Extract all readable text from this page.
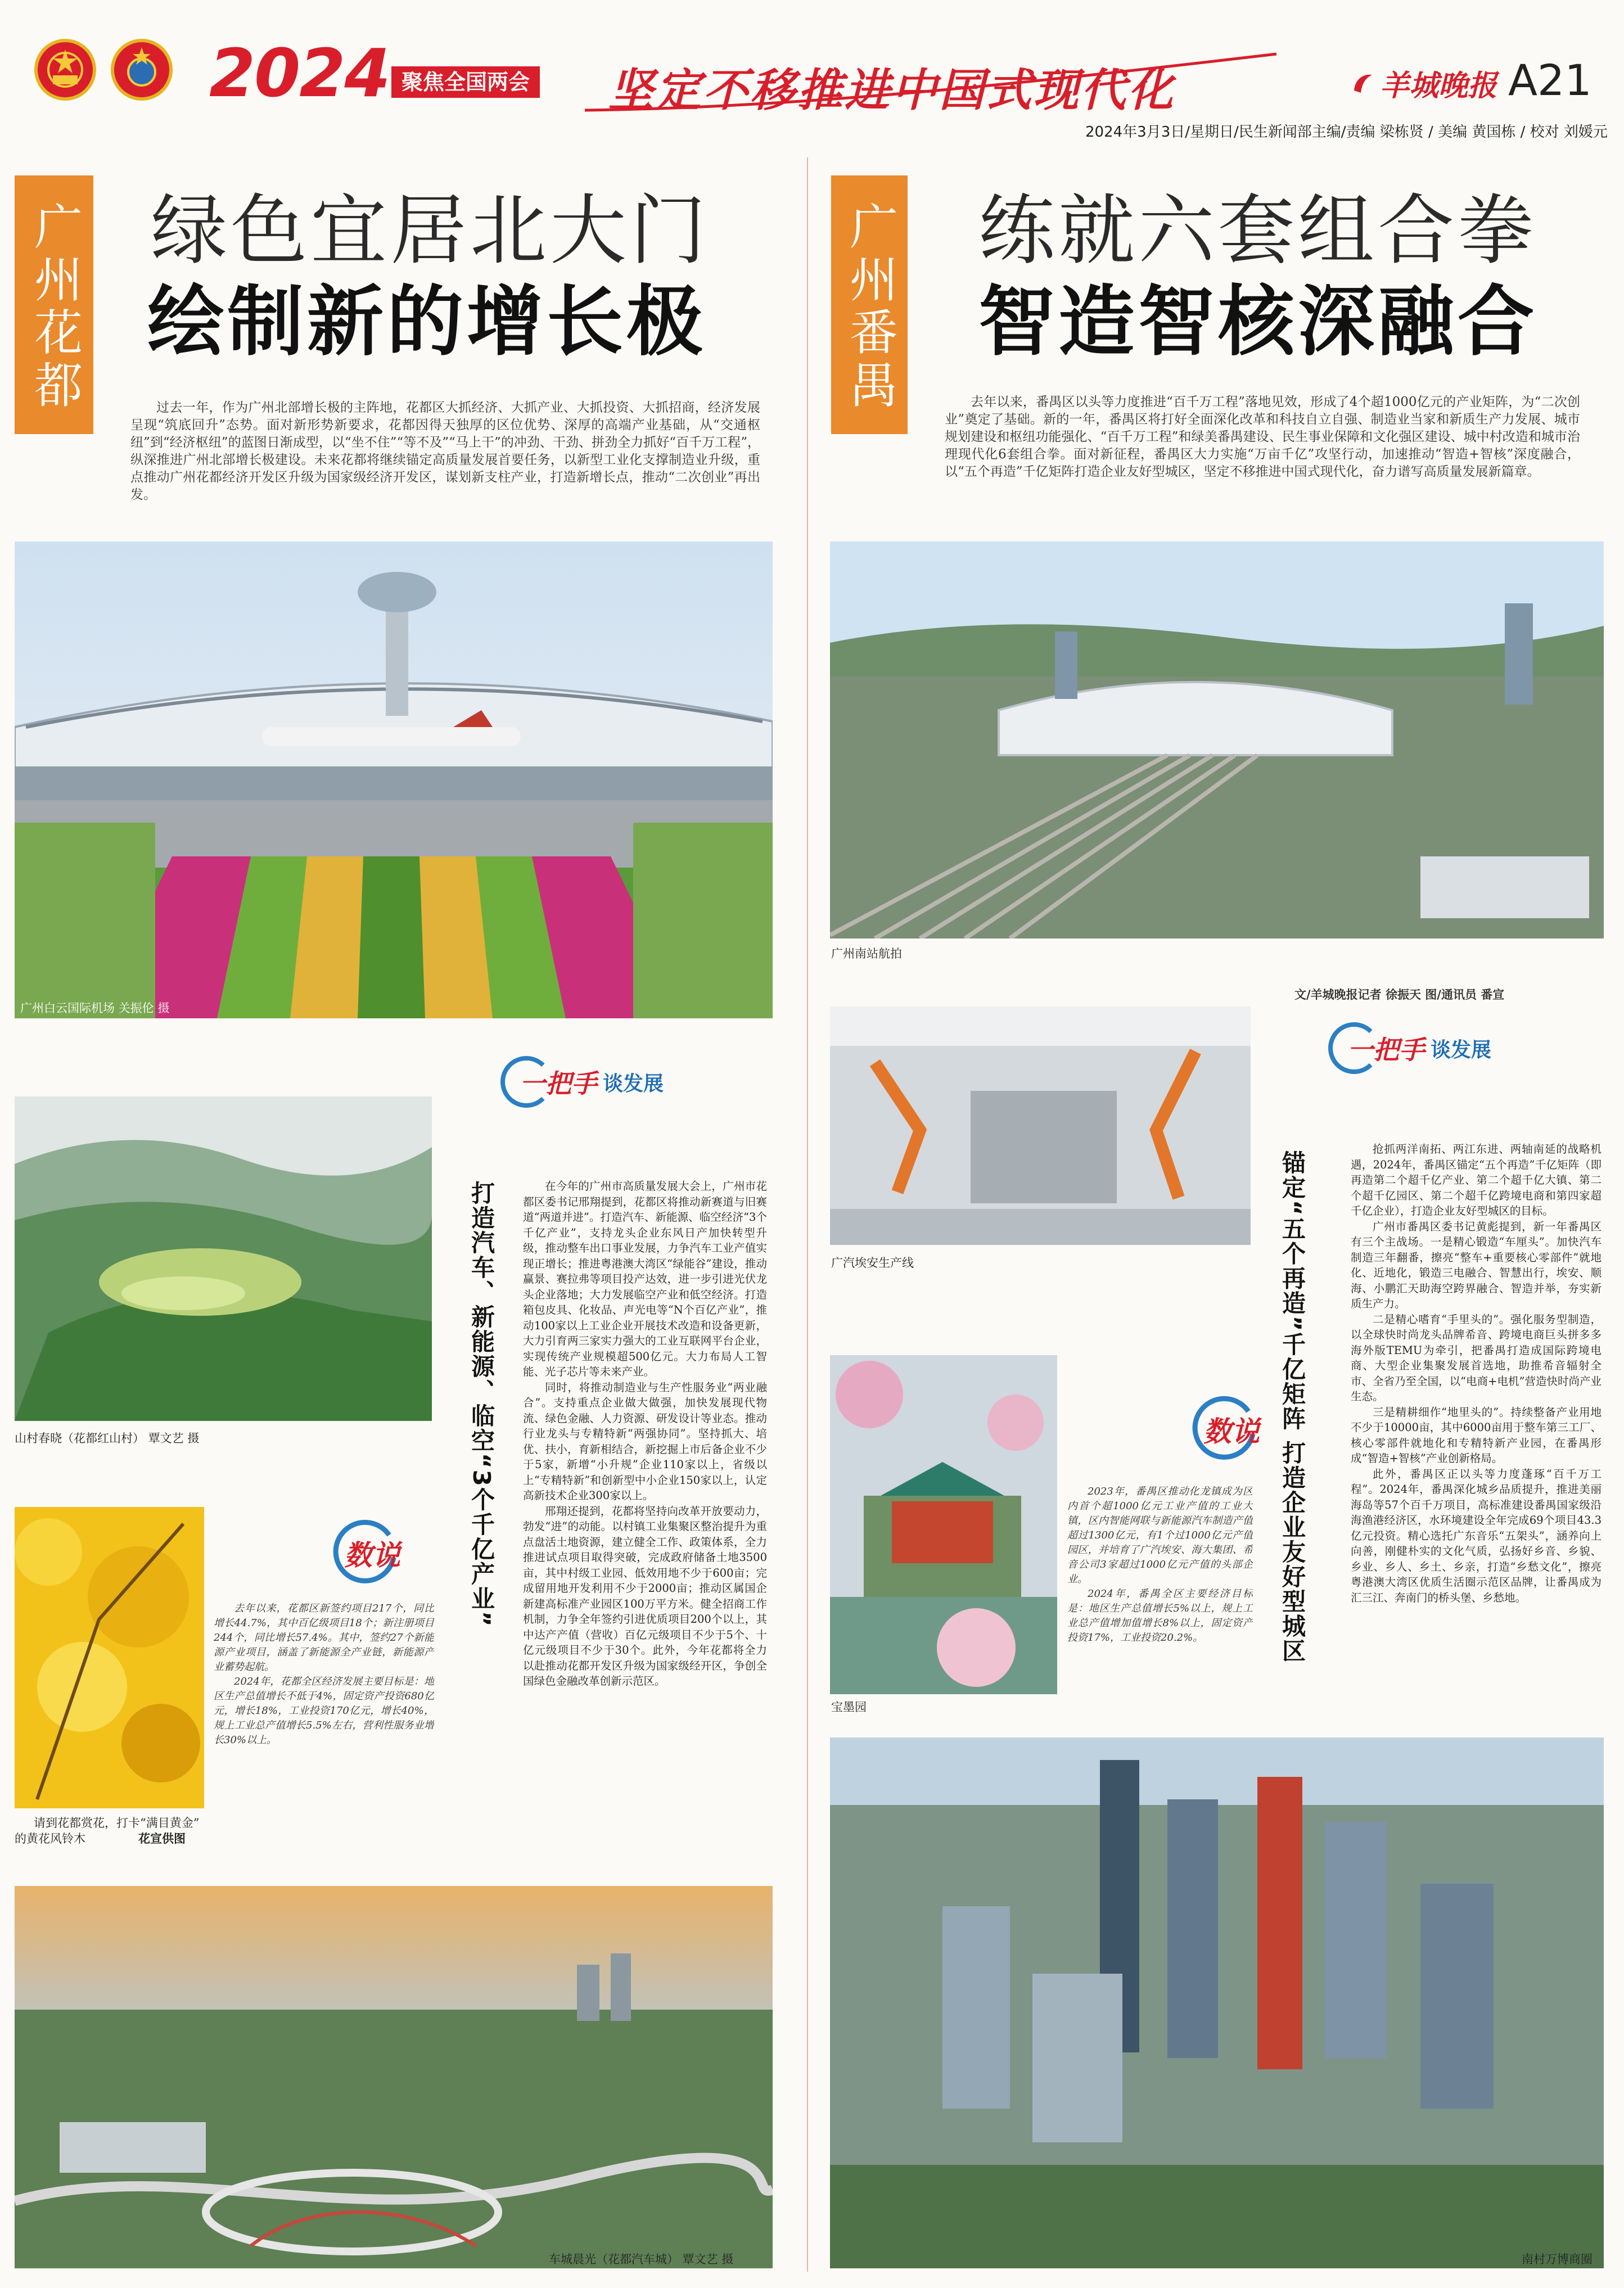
2024 聚焦全国两会 坚定不移推进中国式现代化	羊城晚报 A21
2024年3月3日/星期日/民生新闻部主编/责编 梁栋贤 / 美编 黄国栋 / 校对 刘媛元
广州花都 绿色宜居北大门
绘制新的增长极
过去一年，作为广州北部增长极的主阵地，花都区大抓经济、大抓产业、大抓投资、大抓招商，经济发展呈现“筑底回升”态势。面对新形势新要求，花都因得天独厚的区位优势、深厚的高端产业基础，从“交通枢纽”到“经济枢纽”的蓝图日渐成型，以“坐不住”“等不及”“马上干”的冲劲、干劲、拼劲全力抓好“百千万工程”，纵深推进广州北部增长极建设。未来花都将继续锚定高质量发展首要任务，以新型工业化支撑制造业升级，重点推动广州花都经济开发区升级为国家级经济开发区，谋划新支柱产业，打造新增长点，推动“二次创业”再出发。
广州白云国际机场 关振伦 摄
山村春晓（花都红山村） 覃文艺 摄
请到花都赏花，打卡“满目黄金”
的黄花风铃木	花宣供图
数说

去年以来，花都区新签约项目217个，同比增长44.7%，其中百亿级项目18个；新注册项目244个，同比增长57.4%。其中，签约27个新能源产业项目，涵盖了新能源全产业链，新能源产业蓄势起航。

2024年，花都全区经济发展主要目标是：地区生产总值增长不低于4%，固定资产投资680亿元，增长18%，工业投资170亿元，增长40%，规上工业总产值增长5.5%左右，营利性服务业增长30%以上。

一把手 谈发展
打造汽车、新能源、临空“3个千亿产业”	在今年的广州市高质量发展大会上，广州市花都区委书记邢翔提到，花都区将推动新赛道与旧赛道“两道并进”。打造汽车、新能源、临空经济“3个千亿产业”，支持龙头企业东风日产加快转型升级，推动整车出口事业发展，力争汽车工业产值实现正增长；推进粤港澳大湾区“绿能谷”建设，推动赢景、赛拉弗等项目投产达效，进一步引进光伏龙头企业落地；大力发展临空产业和低空经济。打造箱包皮具、化妆品、声光电等“N个百亿产业”，推动100家以上工业企业开展技术改造和设备更新，大力引育两三家实力强大的工业互联网平台企业，实现传统产业规模超500亿元。大力布局人工智能、光子芯片等未来产业。

同时，将推动制造业与生产性服务业“两业融合”。支持重点企业做大做强，加快发展现代物流、绿色金融、人力资源、研发设计等业态。推动行业龙头与专精特新“两强协同”。坚持抓大、培优、扶小，育新相结合，新挖掘上市后备企业不少于5家，新增“小升规”企业110家以上，省级以上“专精特新”和创新型中小企业150家以上，认定高新技术企业300家以上。

邢翔还提到，花都将坚持向改革开放要动力，勃发“进”的动能。以村镇工业集聚区整治提升为重点盘活土地资源，建立健全工作、政策体系，全力推进试点项目取得突破，完成政府储备土地3500亩，其中村级工业园、低效用地不少于600亩；完成留用地开发利用不少于2000亩；推动区属国企新建高标准产业园区100万平方米。健全招商工作机制，力争全年签约引进优质项目200个以上，其中达产产值（营收）百亿元级项目不少于5个、十亿元级项目不少于30个。此外，今年花都将全力以赴推动花都开发区升级为国家级经开区，争创全国绿色金融改革创新示范区。

车城晨光（花都汽车城） 覃文艺 摄
广州番禺 练就六套组合拳
智造智核深融合
去年以来，番禺区以头等力度推进“百千万工程”落地见效，形成了4个超1000亿元的产业矩阵，为“二次创业”奠定了基础。新的一年，番禺区将打好全面深化改革和科技自立自强、制造业当家和新质生产力发展、城市规划建设和枢纽功能强化、“百千万工程”和绿美番禺建设、民生事业保障和文化强区建设、城中村改造和城市治理现代化6套组合拳。面对新征程，番禺区大力实施“万亩千亿”攻坚行动，加速推动“智造+智核”深度融合，以“五个再造”千亿矩阵打造企业友好型城区，坚定不移推进中国式现代化，奋力谱写高质量发展新篇章。
文/羊城晚报记者 徐振天 图/通讯员 番宣
广州南站航拍
广汽埃安生产线
宝墨园
数说

2023年，番禺区推动化龙镇成为区内首个超1000亿元工业产值的工业大镇，区内智能网联与新能源汽车制造产值超过1300亿元，有1个过1000亿元产值园区，并培育了广汽埃安、海大集团、希音公司3家超过1000亿元产值的头部企业。

2024年，番禺全区主要经济目标是：地区生产总值增长5%以上，规上工业总产值增加值增长8%以上，固定资产投资17%，工业投资20.2%。

一把手 谈发展
锚定“五个再造”千亿矩阵 打造企业友好型城区

抢抓两洋南拓、两江东进、两轴南延的战略机遇，2024年，番禺区锚定“五个再造”千亿矩阵（即再造第二个超千亿产业、第二个超千亿大镇、第二个超千亿园区、第二个超千亿跨境电商和第四家超千亿企业），打造企业友好型城区的目标。

广州市番禺区委书记黄彪提到，新一年番禺区有三个主战场。一是精心锻造“车厘头”。加快汽车制造三年翻番，擦亮“整车+重要核心零部件”就地化、近地化，锻造三电融合、智慧出行，埃安、顺海、小鹏汇天助海空跨界融合、智造并举，夯实新质生产力。

二是精心嗜育“手里头的”。强化服务型制造，以全球快时尚龙头品牌希音、跨境电商巨头拼多多海外版TEMU为牵引，把番禺打造成国际跨境电商、大型企业集聚发展首选地，助推希音辐射全市、全省乃至全国，以“电商+电机”营造快时尚产业生态。

三是精耕细作“地里头的”。持续整备产业用地不少于10000亩，其中6000亩用于整车第三工厂、核心零部件就地化和专精特新产业园，在番禺形成“智造+智核”产业创新格局。

此外，番禺区正以头等力度蓬琢“百千万工程”。2024年，番禺深化城乡品质提升，推进美丽海岛等57个百千万项目，高标准建设番禺国家级沿海渔港经济区，水环境建设全年完成69个项目43.3亿元投资。精心选托广东音乐“五架头”，涵养向上向善，刚健朴实的文化气质，弘扬好乡音、乡貌、乡业、乡人、乡土、乡亲，打造“乡愁文化”，擦亮粤港澳大湾区优质生活圈示范区品牌，让番禺成为汇三江、奔南门的桥头堡、乡愁地。

南村万博商圈
